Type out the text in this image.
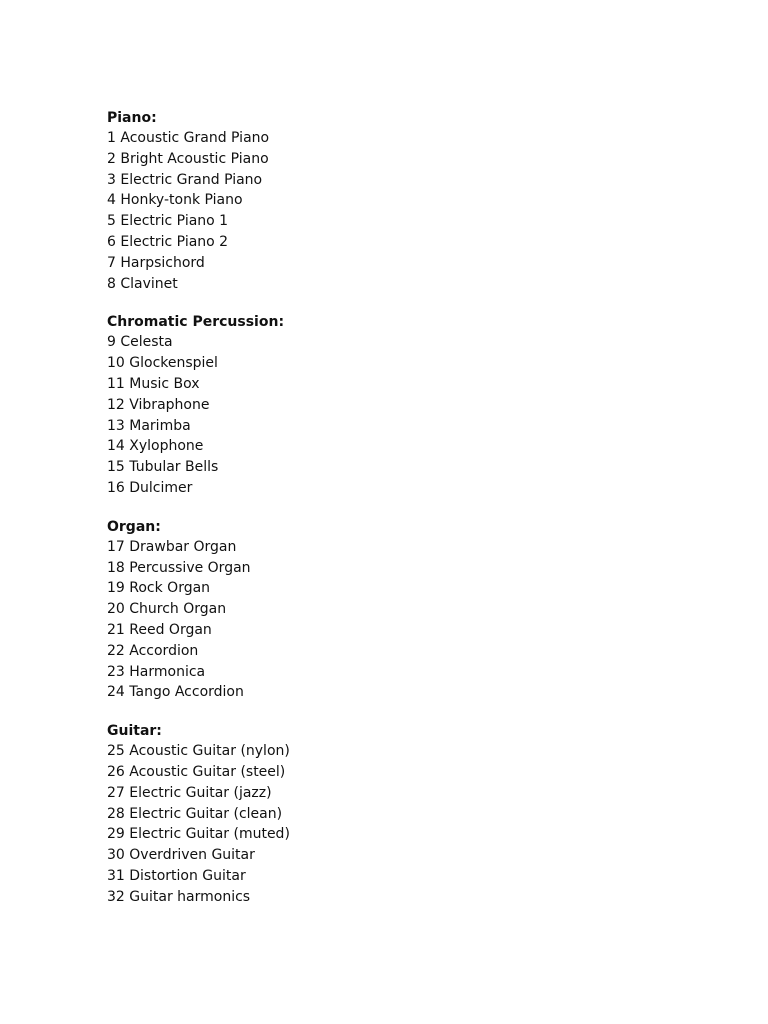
Piano:

1 Acoustic Grand Piano

2 Bright Acoustic Piano

3 Electric Grand Piano

4 Honky-tonk Piano

5 Electric Piano 1

6 Electric Piano 2

7 Harpsichord

8 Clavinet

Chromatic Percussion:

9 Celesta

10 Glockenspiel

11 Music Box

12 Vibraphone

13 Marimba

14 Xylophone

15 Tubular Bells

16 Dulcimer

Organ:

17 Drawbar Organ

18 Percussive Organ

19 Rock Organ

20 Church Organ

21 Reed Organ

22 Accordion

23 Harmonica

24 Tango Accordion

Guitar:

25 Acoustic Guitar (nylon)

26 Acoustic Guitar (steel)

27 Electric Guitar (jazz)

28 Electric Guitar (clean)

29 Electric Guitar (muted)

30 Overdriven Guitar

31 Distortion Guitar

32 Guitar harmonics
